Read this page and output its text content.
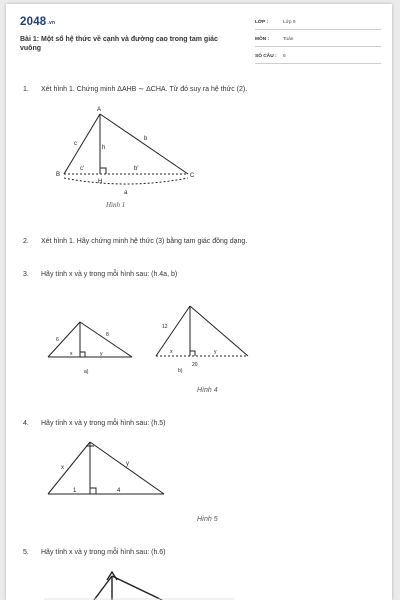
$2048_{.vn}$
Bài 1: Một số hệ thức về cạnh và đường cao trong tam giác vuông
LỚP :	Lớp 9
MÔN :	Toán
SỐ CÂU : 6
1. Xét hình 1. Chứng minh ΔAHB ∼ ΔCHA. Từ đó suy ra hệ thức (2).
A
B	C
H
b
c
h
b'
c'
a
Hình 1
2. Xét hình 1. Hãy chứng minh hệ thức (3) bằng tam giác đồng dạng.
3. Hãy tính x và y trong mỗi hình sau: (h.4a, b)
6
8
x	y
a)
12
x	y
20
b)
Hình 4
4. Hãy tính x và y trong mỗi hình sau: (h.5)
x
y
1	4
Hình 5
5. Hãy tính x và y trong mỗi hình sau: (h.6)
